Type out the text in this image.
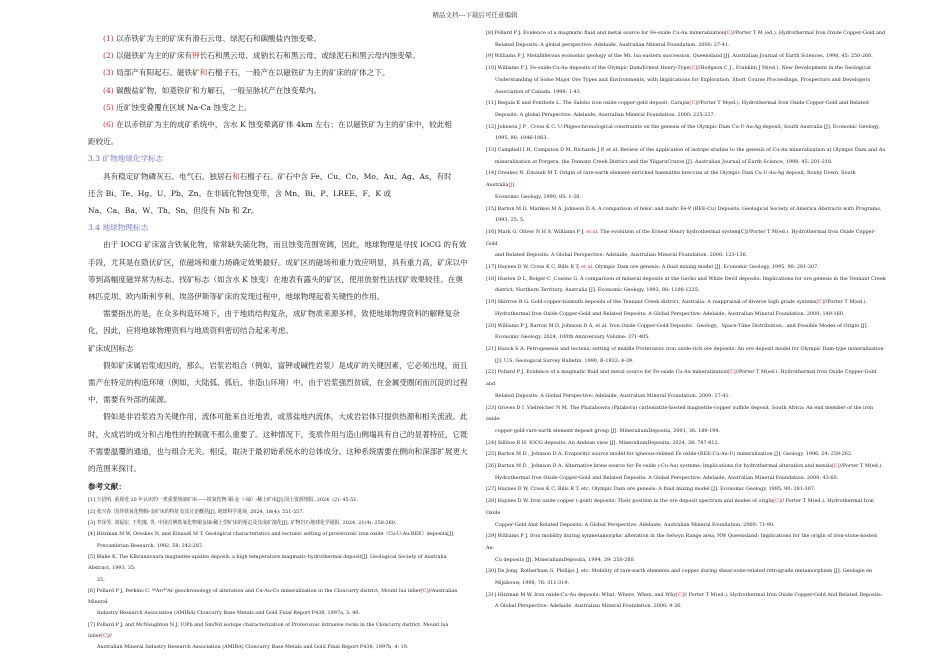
精品文档---下载后可任意编辑

(1) 以赤铁矿为主的矿床有滑石云母、绿泥石和碳酸盐内蚀变晕。

(2) 以磁铁矿为主的矿床有钾长石和黑云母、成钠长石和黑云母、或绿泥石和黑云母内蚀变晕。

(3) 局部产有阳起石、磁铁矿和石榴子石，一般产在以磁铁矿为主的矿床的矿体之下。

(4) 碳酸盐矿物，如菱铁矿和方解石，一般呈脉状产在蚀变晕内。

(5) 近矿蚀变叠覆在区域 Na-Ca 蚀变之上。

(6) 在以赤铁矿为主的成矿系统中，含水 K 蚀变晕离矿体 4km 左右；在以磁铁矿为主的矿床中，较此相

距较近。

3.3 矿物地球化学标志

具有稳定矿物磷灰石、电气石、独居石和石榴子石。矿石中含 Fe、Cu、Co、Mo、Au、Ag、As，有时

还含 Bi、Te、Hg、U、Pb、Zn。在非硫化物蚀变带，含 Mn、Bi、P、LREE、F、K 或

Na、Ca、Ba、W、Th、Sn，但没有 Nb 和 Zr。

3.4 地球物理标志

由于 IOCG 矿床富含铁氧化物，常常缺失硫化物，而且蚀变范围宽阔，因此，地球物理是寻找 IOCG 的有效手段，尤其是在隐伏矿区，依磁场和重力场确定效果最好。成矿区的磁场和重力效应明显，具有重力高，矿床以中等到高幅度磁异常为标志。找矿标志（如含水 K 蚀变）在地表有露头的矿区，使用放射性法找矿效果较佳。在奥林匹克坝、欧内斯利亨利、埃洛伊斯等矿床的发现过程中，地球物理起着关键性的作用。

需要指出的是，在众多构造环境下，由于地质结构复杂，成矿物质来源多样，致使地球物理资料的解释复杂化，因此，应将地球物理资料与地质资料密切结合起来考虑。

矿床成因标志

假如矿床属岩浆成因的，那么，岩浆岩组合（例如，富钾或碱性岩浆）是成矿的关键因素，它必须出现，而且需产在特定的构造环境（例如，大陆弧、弧后、非造山环境）中。由于岩浆强烈贫硫，在金属受圈闭而沉淀的过程中，需要有外部的硫源。

假如是非岩浆岩为关键作用，流体可能来自近地表，或蒸盐地内流体，大成岩岩体只提供热源和相关流液。此时，火成岩的成分和占地性的控制就不那么重要了。这种情况下，变质作用与造山侧塌具有自己的显著特征，它既不需要温覆的通道，也与组合无关。相反，取决于最初始系统水的总体成分。这种系统需要在侧向和深部扩展更大的范围来探讨。

参考文献：

[1] 王招明. 重视近 20 年认识的一类重要热液矿床——铁氧化物-铜-金（-铀）-稀土矿床[J].国土资源情报, 2024, (2): 45-51.

[2] 张兴春. 国外铁氧化物铜-金矿床的特征及其讨论概括[J]. 地球科学进展, 2024, 18(4): 551-557.

[3] 李泽琴, 刘福宏, 王奖瑰, 等. 中国首例铁氧化物铜金铀-稀土型矿床的厘定及其成矿演化[J]. 矿物岩石地球化学通报, 2024, 21(4): 258-260.

[4] Hitzman M W, Oreskes N, and Einaudi M T. Geological characteristics and tectonic setting of proterozoic iron oxide（Cu-U-Au-REE）deposits[J].
Precambrian Research, 1992, 58: 242-287.

[5] Blake K, The KIbranavaara magnetite-apatite deposit: a high temperature magmatic-hydrothermal deposit[J]. Geological Society of Australia Abstract, 1993, 35:
25.

[6] Pollard P J, Perkins C. ⁴⁰Ar/³⁹Ar geochronology of alteration and Cu-Au-Co mineralization in the Cloncurry district, Mount Isa inlier[C]//Australian Mineral
Industry Research Association (AMIRA) Cloncurry Base Metals and Gold Final Report P438, 1997a, 3: 40.

[7] Pollard P J. and McNaughton N J. U/Pb and Sm/Nd isotope characterization of Proterozoic intrusive rocks in the Cloncurry district, Mount Isa inlier[C]//
Australian Mineral Industry Research Association (AMIRA) Cloncurry Base Metals and Gold Final Report P438, 1997b, 4: 19.

[8] Pollard P J. Evidence of a magmatic fluid and metal source for Fe-oxide Cu-Au mineralization[C]//Porter T M (ed.). Hydrothermal Iron Oxide Copper-Gold and
Related Deposits: A global perspective: Adelaide, Australian Mineral Foundation. 2000: 27-41.

[9] Williams P J, Metalliferous economic geology of the Mt. Isa eastern succession, Queensland [J]. Australian Journal of Earth Sciences, 1998, 45: 250-260.

[10] Williams P J. Fe-oxide-Cu-Au deposits of the Olympic Dam/Ernest Henry-Type[C]//Hodgson C J , Franklin J M(ed.). New Development in the Geological
Understanding of Some Major Ore Types and Environments, with Implications for Exploration, Short Course Proceedings, Prospectors and Developers
Association of Canada. 1999: 1-43.

[11] Requia K and Fontbote L. The Salobo iron oxide copper-gold deposit, Carajás[C]//Porter T M(ed.). Hydrothermal Iron Oxide Copper-Gold and Related
Deposits: A global Perspective: Adelaide, Australian Mineral Foundation. 2000: 225-237.

[12] Johnson J P , Cross K C. U-Pbgeochronological constraints on the genesis of the Olympic Dam Cu-U-Au-Ag deposit, South Australia [J]. Economic Geology,
1995, 90: 1046-1063.

[13] Campbell I H, Compston D M, Richards J P, et al. Review of the application of isotope studies to the genesis of Cu-Au mineralization at Olympic Dam and Au
mineralization at Porgera, the Tennant Creek District and the YilgarnCraton [J]. Australian Journal of Earth Science, 1998, 45: 201-218.

[14] Oreskes N ,Einaudi M T. Origin of rare-earth element-enriched haematite breccias at the Olympic Dam Cu-U-Au-Ag deposit, Roxby Down, South Australia[J].
Economic Geology, 1990, 85: 1-28.

[15] Barton M D, Marikos M A, Johnson D A. A comparison of felsic and mafic Fe-P (REE-Cu) Deposits. Geological Society of America Abstracts with Programs,
1993, 25: 5.

[16] Mark G, Oliver N H S, Williams P J, et al. The evolution of the Ernest Henry hydrothermal system[C]//Porter T M(ed.). Hydrothermal Iron Oxide Copper-Gold
and Related Deposits: A Global Perspective: Adelaide, Australian Mineral Foundation. 2000: 123-136.

[17] Haynes D W, Cross K C, Bills R T, et al. Olympic Dam ore genesis: A fluid mixing model [J]. Economic Geology, 1995, 90: 281-307.

[18] Huston D L, Bolger C ,Cozens G. A comparison of mineral deposits at the Gecko and White Devil deposits: Implications for ore genesis in the Tennant Creek
district, Northern Territory, Australia [J]. Economic Geology, 1993, 88: 1198-1225.

[19] Skirrow R G. Gold-copper-bismuth deposits of the Tennant Creek district, Australia: A reappraisal of diverse high grade systems[C]//Porter T M(ed.).
Hydrothermal Iron Oxide Copper-Gold and Related Deposits: A Global Perspective: Adelaide, Australian Mineral Foundation. 2000: 149-160.

[20] Williams P J, Barton M D, Johnson D A, et al. Iron Oxide Copper-Gold Deposits：Geology、Space-Time Distribution、and Possible Modes of Origin [J].
Economic Geology, 2024, 100th Anniversary Volume: 371-405.

[21] Hauck S A. Petrogenesis and tectonic setting of middle Proterozoic iron oxide-rich ore deposits: An ore deposit model for Olympic Dam-type mineralization
[J]. U.S. Geological Survey Bulletin, 1990, B-1932: 4-39.

[22] Pollard P J. Evidence of a magmatic fluid and metal source for Fe-oxide Cu-Au mineralization[C]//Porter T M(ed.). Hydrothermal Iron Oxide Copper-Gold and
Related Deposits: A Global Perspective: Adelaide, Australian Mineral Foundation. 2000: 27-41.

[23] Groves D I ,Vielreicher N M. The Phalabowra (Palabora) carbonatite-hosted magnetite-copper sulfide deposit, South Africa: An end member of the iron oxide-
copper-gold-rare earth element deposit group [J]. MineraliumDeposita, 2001, 36: 189-194.

[24] Sillitoe R H. IOCG deposits: An Andean view [J]. MineraliumDeposita, 2024, 38: 787-812.

[25] Barton M D , Johnson D A. Evaporitic source model for igneous-related Fe oxide-(REE-Cu-Au-U) mineralization [J]. Geology, 1996, 24: 259-262.

[26] Barton M D , Johnson D A. Alternative brine source for Fe oxide (-Cu-Au) systems: Implications for hydrothermal alteration and metals[C]//Porter T M(ed.).
Hydrothermal Iron Oxide Copper-Gold and Related Deposits: A Global Perspective: Adelaide, Australian Mineral Foundation. 2000: 43-60.

[27] Haynes D W, Cross K C, Bills R T, etc. Olympic Dam ore genesis: A fluid mixing model [J]. Economic Geology, 1995, 90: 281-307.

[28] Haynes D W. Iron oxide copper (-gold) deposits: Their position in the ore deposit spectrum and modes of origin[C]// Porter T M(ed.). Hydrothermal Iron Oxide
Copper-Gold And Related Deposits: A Global Perspective: Adelaide, Australian Mineral Foundation. 2000: 71-90.

[29] Williams P J. Iron mobility during synmetamorphic alteration in the Selwyn Range area, NW Queensland: Implications for the origin of iron-stone-hosted Au-
Cu deposits [J]. MineraliumDeposita, 1994, 29: 250-260.

[30] De Jong, Rotherham G, Phillips J, etc. Mobility of rare-earth elements and copper during shear-zone-related retrograde metamorphism [J]. Geologie en
Mijnbouw, 1998, 76: 311-319.

[31] Hitzman M W. Iron oxide-Cu-Au deposits: What, Where, When, and Why[C]// Porter T M(ed.). Hydrothermal Iron Oxide Copper-Gold And Related Deposits:
A Global Perspective: Adelaide, Australian Mineral Foundation. 2000: 9-26.
